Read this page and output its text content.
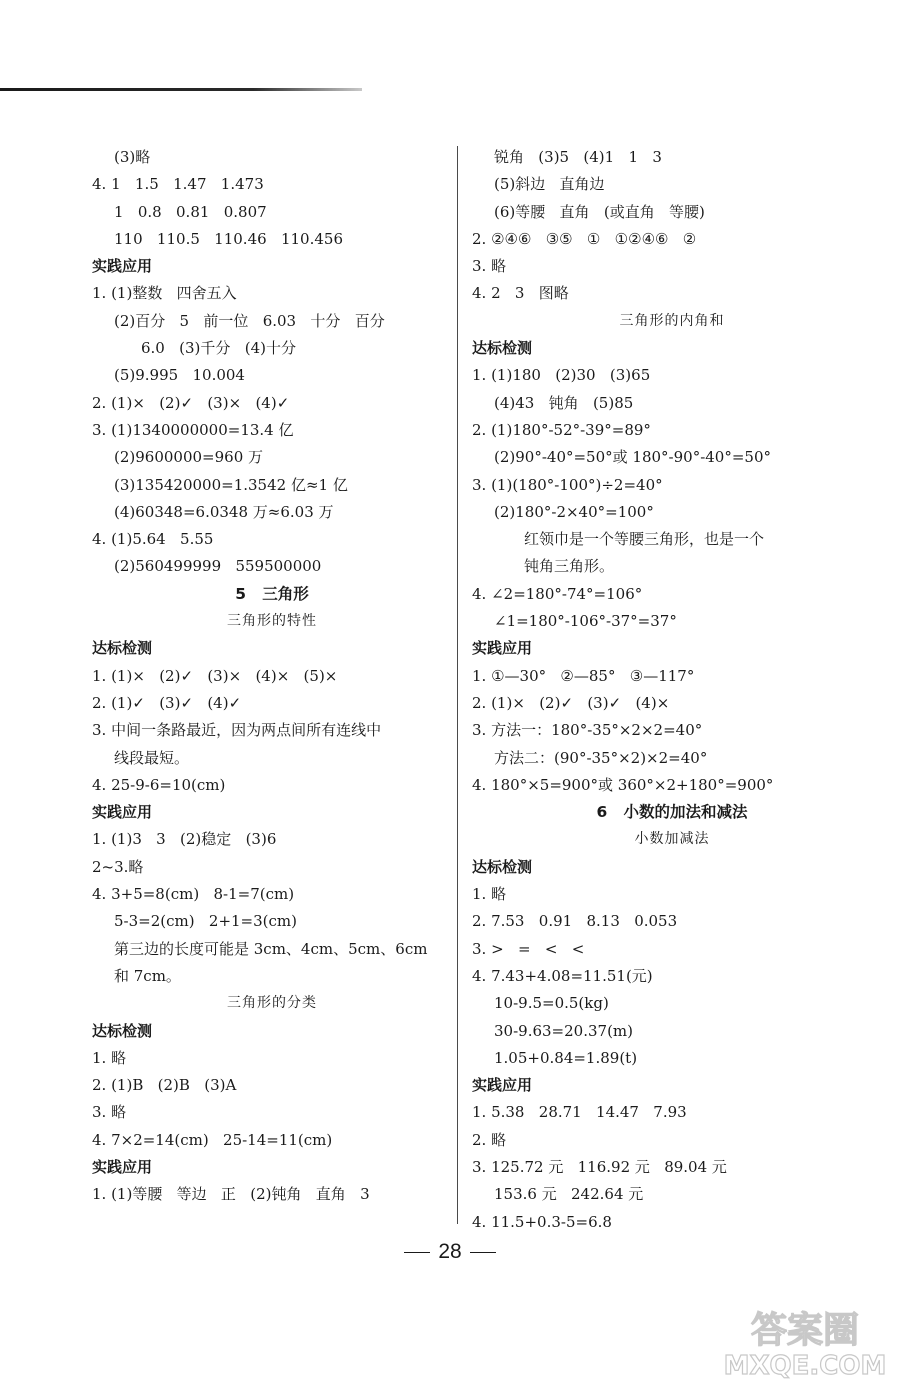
(3)略
4. 1   1.5   1.47   1.473
1   0.8   0.81   0.807
110   110.5   110.46   110.456
实践应用
1. (1)整数   四舍五入
(2)百分   5   前一位   6.03   十分   百分
6.0   (3)千分   (4)十分
(5)9.995   10.004
2. (1)×   (2)✓   (3)×   (4)✓
3. (1)1340000000=13.4 亿
(2)9600000=960 万
(3)135420000=1.3542 亿≈1 亿
(4)60348=6.0348 万≈6.03 万
4. (1)5.64   5.55
(2)560499999   559500000
5   三角形
三角形的特性
达标检测
1. (1)×   (2)✓   (3)×   (4)×   (5)×
2. (1)✓   (3)✓   (4)✓
3. 中间一条路最近，因为两点间所有连线中
线段最短。
4. 25-9-6=10(cm)
实践应用
1. (1)3   3   (2)稳定   (3)6
2~3.略
4. 3+5=8(cm)   8-1=7(cm)
5-3=2(cm)   2+1=3(cm)
第三边的长度可能是 3cm、4cm、5cm、6cm
和 7cm。
三角形的分类
达标检测
1. 略
2. (1)B   (2)B   (3)A
3. 略
4. 7×2=14(cm)   25-14=11(cm)
实践应用
1. (1)等腰   等边   正   (2)钝角   直角   3
锐角   (3)5   (4)1   1   3
(5)斜边   直角边
(6)等腰   直角   (或直角   等腰)
2. ②④⑥   ③⑤   ①   ①②④⑥   ②
3. 略
4. 2   3   图略
三角形的内角和
达标检测
1. (1)180   (2)30   (3)65
(4)43   钝角   (5)85
2. (1)180°-52°-39°=89°
(2)90°-40°=50°或 180°-90°-40°=50°
3. (1)(180°-100°)÷2=40°
(2)180°-2×40°=100°
红领巾是一个等腰三角形，也是一个
钝角三角形。
4. ∠2=180°-74°=106°
∠1=180°-106°-37°=37°
实践应用
1. ①—30°   ②—85°   ③—117°
2. (1)×   (2)✓   (3)✓   (4)×
3. 方法一：180°-35°×2×2=40°
方法二：(90°-35°×2)×2=40°
4. 180°×5=900°或 360°×2+180°=900°
6   小数的加法和减法
小数加减法
达标检测
1. 略
2. 7.53   0.91   8.13   0.053
3. >   =   <   <
4. 7.43+4.08=11.51(元)
10-9.5=0.5(kg)
30-9.63=20.37(m)
1.05+0.84=1.89(t)
实践应用
1. 5.38   28.71   14.47   7.93
2. 略
3. 125.72 元   116.92 元   89.04 元
153.6 元   242.64 元
4. 11.5+0.3-5=6.8
28
答案圈
MXQE.COM
